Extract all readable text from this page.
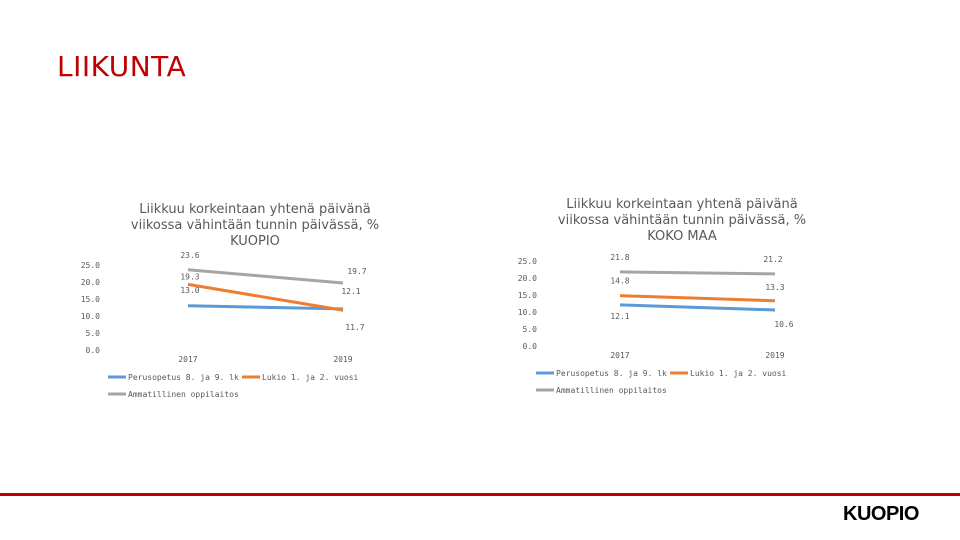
LIIKUNTA
Liikkuu korkeintaan yhtenä päivänä
viikossa vähintään tunnin päivässä, %
KUOPIO
0.0
5.0
10.0
15.0
20.0
25.0
2017	2019
13.0	12.1
19.3
11.7
23.6
19.7
Perusopetus 8. ja 9. lk	Lukio 1. ja 2. vuosi
Ammatillinen oppilaitos
Liikkuu korkeintaan yhtenä päivänä
viikossa vähintään tunnin päivässä, %
KOKO MAA
0.0
5.0
10.0
15.0
20.0
25.0
2017	2019
12.1
10.6
14.8
13.3
21.8	21.2
Perusopetus 8. ja 9. lk	Lukio 1. ja 2. vuosi
Ammatillinen oppilaitos
KUOPIO
